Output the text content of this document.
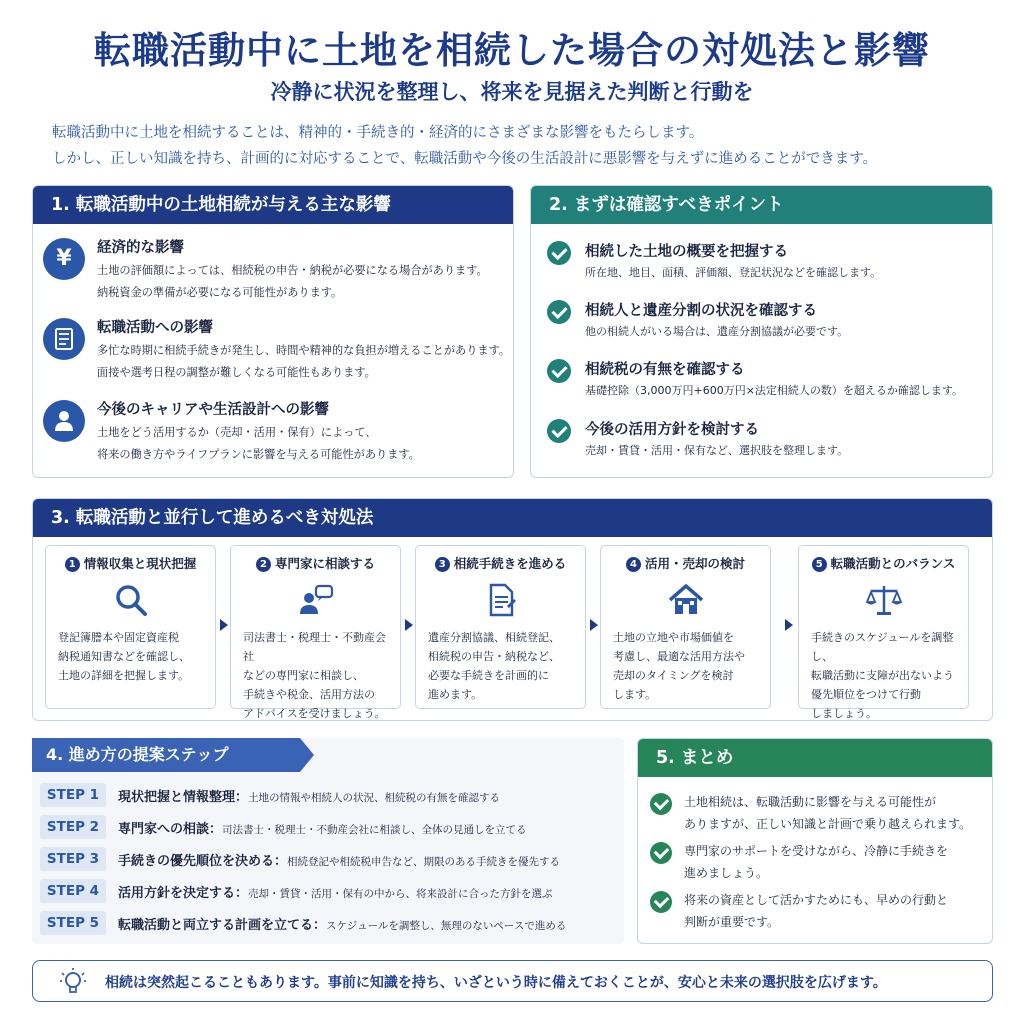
転職活動中に土地を相続した場合の対処法と影響
冷静に状況を整理し、将来を見据えた判断と行動を
転職活動中に土地を相続することは、精神的・手続き的・経済的にさまざまな影響をもたらします。
しかし、正しい知識を持ち、計画的に対応することで、転職活動や今後の生活設計に悪影響を与えずに進めることができます。
1. 転職活動中の土地相続が与える主な影響
¥	経済的な影響
土地の評価額によっては、相続税の申告・納税が必要になる場合があります。
納税資金の準備が必要になる可能性があります。
転職活動への影響
多忙な時期に相続手続きが発生し、時間や精神的な負担が増えることがあります。
面接や選考日程の調整が難しくなる可能性もあります。
今後のキャリアや生活設計への影響
土地をどう活用するか（売却・活用・保有）によって、
将来の働き方やライフプランに影響を与える可能性があります。
2. まずは確認すべきポイント
相続した土地の概要を把握する
所在地、地目、面積、評価額、登記状況などを確認します。
相続人と遺産分割の状況を確認する
他の相続人がいる場合は、遺産分割協議が必要です。
相続税の有無を確認する
基礎控除（3,000万円+600万円×法定相続人の数）を超えるか確認します。
今後の活用方針を検討する
売却・賃貸・活用・保有など、選択肢を整理します。
3. 転職活動と並行して進めるべき対処法
1 情報収集と現状把握
登記簿謄本や固定資産税
納税通知書などを確認し、
土地の詳細を把握します。
2 専門家に相談する
司法書士・税理士・不動産会社
などの専門家に相談し、
手続きや税金、活用方法の
アドバイスを受けましょう。
3 相続手続きを進める
遺産分割協議、相続登記、
相続税の申告・納税など、
必要な手続きを計画的に
進めます。
4 活用・売却の検討
土地の立地や市場価値を
考慮し、最適な活用方法や
売却のタイミングを検討
します。
5 転職活動とのバランス
手続きのスケジュールを調整し、
転職活動に支障が出ないよう
優先順位をつけて行動
しましょう。
4. 進め方の提案ステップ
STEP 1	現状把握と情報整理：土地の情報や相続人の状況、相続税の有無を確認する
STEP 2	専門家への相談：司法書士・税理士・不動産会社に相談し、全体の見通しを立てる
STEP 3	手続きの優先順位を決める：相続登記や相続税申告など、期限のある手続きを優先する
STEP 4	活用方針を決定する：売却・賃貸・活用・保有の中から、将来設計に合った方針を選ぶ
STEP 5	転職活動と両立する計画を立てる：スケジュールを調整し、無理のないペースで進める
5. まとめ
土地相続は、転職活動に影響を与える可能性が
ありますが、正しい知識と計画で乗り越えられます。
専門家のサポートを受けながら、冷静に手続きを
進めましょう。
将来の資産として活かすためにも、早めの行動と
判断が重要です。
相続は突然起こることもあります。事前に知識を持ち、いざという時に備えておくことが、安心と未来の選択肢を広げます。
